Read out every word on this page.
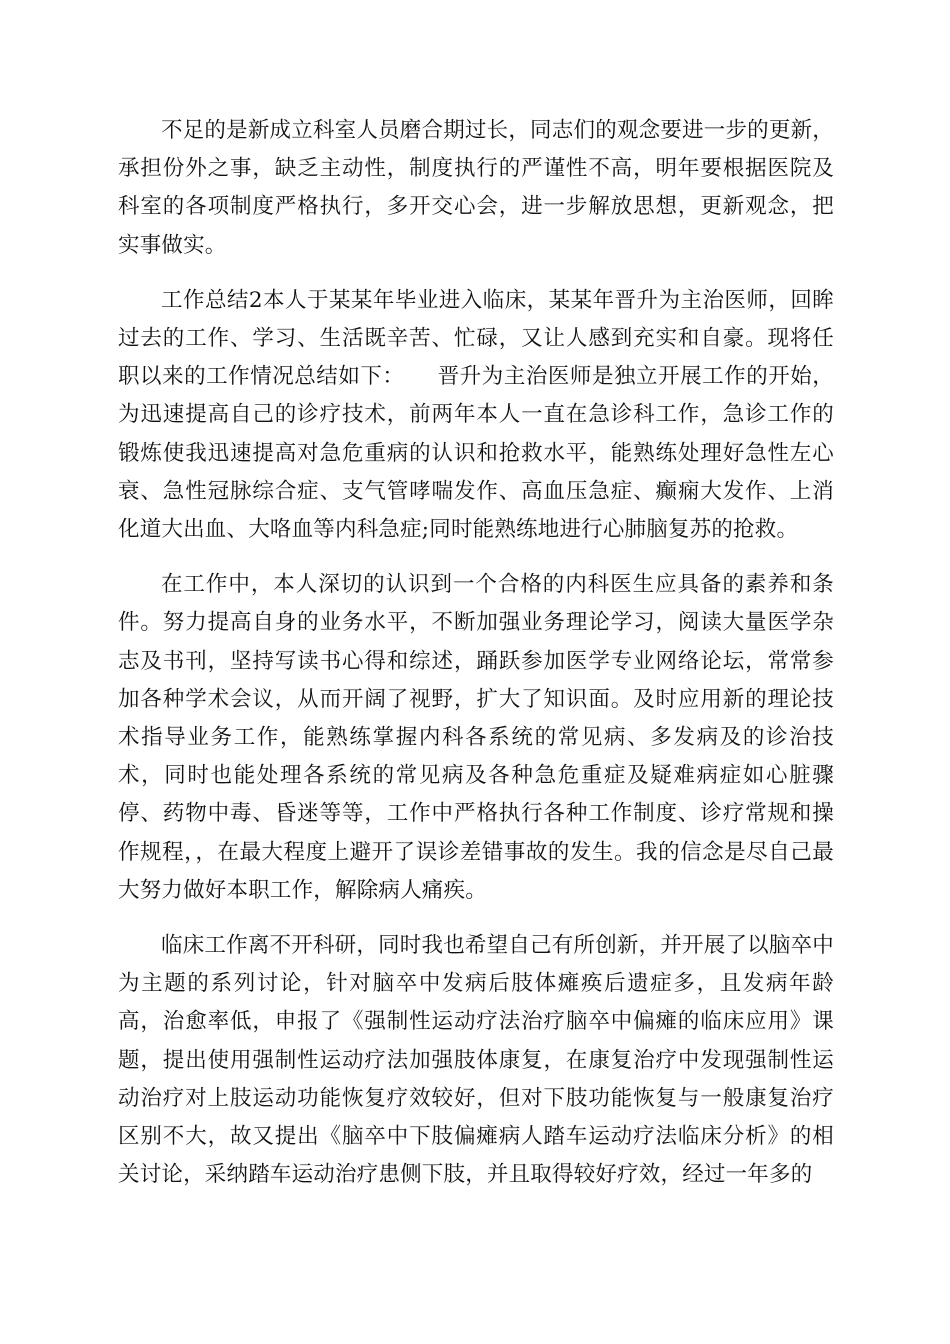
不足的是新成立科室人员磨合期过长，同志们的观念要进一步的更新，承担份外之事，缺乏主动性，制度执行的严谨性不高，明年要根据医院及科室的各项制度严格执行，多开交心会，进一步解放思想，更新观念，把实事做实。

工作总结2本人于某某年毕业进入临床，某某年晋升为主治医师，回眸过去的工作、学习、生活既辛苦、忙碌，又让人感到充实和自豪。现将任职以来的工作情况总结如下：　　晋升为主治医师是独立开展工作的开始，为迅速提高自己的诊疗技术，前两年本人一直在急诊科工作，急诊工作的锻炼使我迅速提高对急危重病的认识和抢救水平，能熟练处理好急性左心衰、急性冠脉综合症、支气管哮喘发作、高血压急症、癫痫大发作、上消化道大出血、大咯血等内科急症;同时能熟练地进行心肺脑复苏的抢救。

在工作中，本人深切的认识到一个合格的内科医生应具备的素养和条件。努力提高自身的业务水平，不断加强业务理论学习，阅读大量医学杂志及书刊，坚持写读书心得和综述，踊跃参加医学专业网络论坛，常常参加各种学术会议，从而开阔了视野，扩大了知识面。及时应用新的理论技术指导业务工作，能熟练掌握内科各系统的常见病、多发病及的诊治技术，同时也能处理各系统的常见病及各种急危重症及疑难病症如心脏骤停、药物中毒、昏迷等等，工作中严格执行各种工作制度、诊疗常规和操作规程，，在最大程度上避开了误诊差错事故的发生。我的信念是尽自己最大努力做好本职工作，解除病人痛疾。

临床工作离不开科研，同时我也希望自己有所创新，并开展了以脑卒中为主题的系列讨论，针对脑卒中发病后肢体瘫痪后遗症多，且发病年龄高，治愈率低，申报了《强制性运动疗法治疗脑卒中偏瘫的临床应用》课题，提出使用强制性运动疗法加强肢体康复，在康复治疗中发现强制性运动治疗对上肢运动功能恢复疗效较好，但对下肢功能恢复与一般康复治疗区别不大，故又提出《脑卒中下肢偏瘫病人踏车运动疗法临床分析》的相关讨论，采纳踏车运动治疗患侧下肢，并且取得较好疗效，经过一年多的
